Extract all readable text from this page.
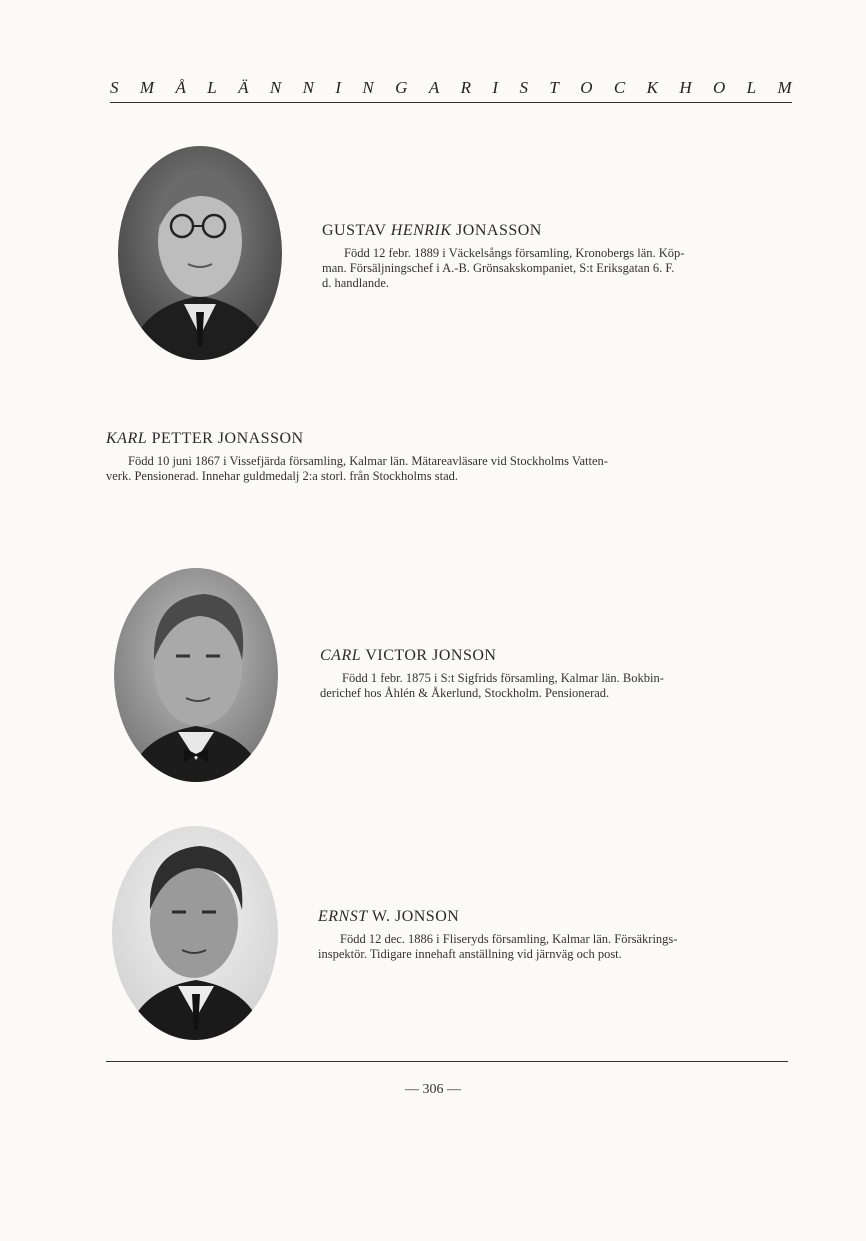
S M Å L Ä N N I N G A R I S T O C K H O L M
GUSTAV HENRIK JONASSON

Född 12 febr. 1889 i Väckelsångs församling, Kronobergs län. Köp-
man. Försäljningschef i A.-B. Grönsakskompaniet, S:t Eriksgatan 6. F.
d. handlande.

KARL PETTER JONASSON

Född 10 juni 1867 i Vissefjärda församling, Kalmar län. Mätareavläsare vid Stockholms Vatten-
verk. Pensionerad. Innehar guldmedalj 2:a storl. från Stockholms stad.

CARL VICTOR JONSON

Född 1 febr. 1875 i S:t Sigfrids församling, Kalmar län. Bokbin-
derichef hos Åhlén & Åkerlund, Stockholm. Pensionerad.

ERNST W. JONSON

Född 12 dec. 1886 i Fliseryds församling, Kalmar län. Försäkrings-
inspektör. Tidigare innehaft anställning vid järnväg och post.

— 306 —
